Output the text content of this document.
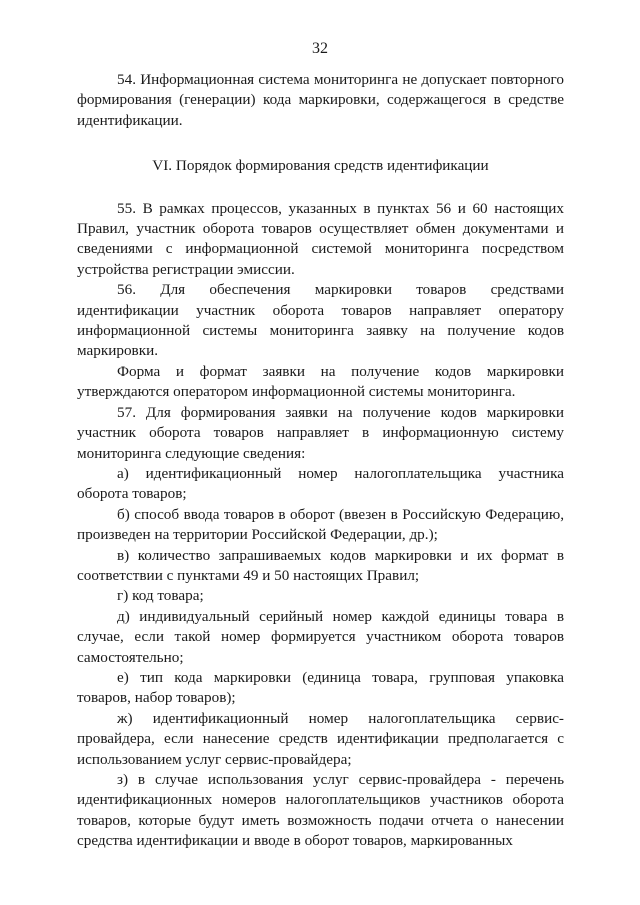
32

54. Информационная система мониторинга не допускает повторного формирования (генерации) кода маркировки, содержащегося в средстве идентификации.

VI. Порядок формирования средств идентификации

55. В рамках процессов, указанных в пунктах 56 и 60 настоящих Правил, участник оборота товаров осуществляет обмен документами и сведениями с информационной системой мониторинга посредством устройства регистрации эмиссии.

56. Для обеспечения маркировки товаров средствами идентификации участник оборота товаров направляет оператору информационной системы мониторинга заявку на получение кодов маркировки.

Форма и формат заявки на получение кодов маркировки утверждаются оператором информационной системы мониторинга.

57. Для формирования заявки на получение кодов маркировки участник оборота товаров направляет в информационную систему мониторинга следующие сведения:

а) идентификационный номер налогоплательщика участника оборота товаров;

б) способ ввода товаров в оборот (ввезен в Российскую Федерацию, произведен на территории Российской Федерации, др.);

в) количество запрашиваемых кодов маркировки и их формат в соответствии с пунктами 49 и 50 настоящих Правил;

г) код товара;

д) индивидуальный серийный номер каждой единицы товара в случае, если такой номер формируется участником оборота товаров самостоятельно;

е) тип кода маркировки (единица товара, групповая упаковка товаров, набор товаров);

ж) идентификационный номер налогоплательщика сервис-провайдера, если нанесение средств идентификации предполагается с использованием услуг сервис-провайдера;

з) в случае использования услуг сервис-провайдера - перечень идентификационных номеров налогоплательщиков участников оборота товаров, которые будут иметь возможность подачи отчета о нанесении средства идентификации и вводе в оборот товаров, маркированных
